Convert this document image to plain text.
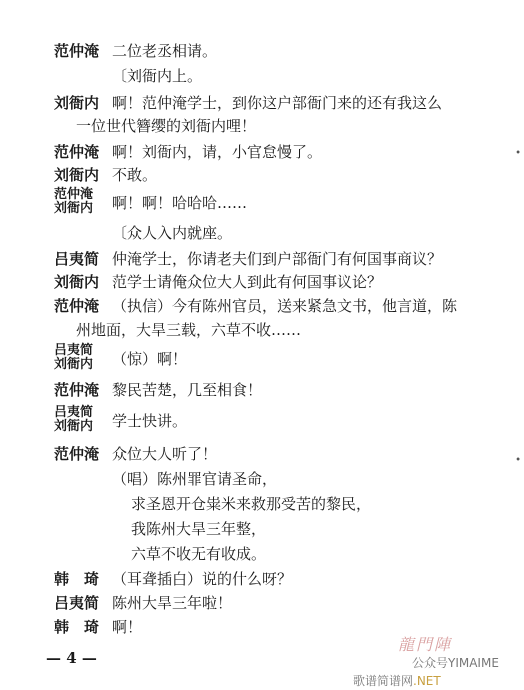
范仲淹 二位老丞相请。
〔刘衙内上。
刘衙内 啊！范仲淹学士，到你这户部衙门来的还有我这么
一位世代簪缨的刘衙内哩！
范仲淹 啊！刘衙内，请，小官怠慢了。
刘衙内 不敢。
范仲淹
刘衙内 啊！啊！哈哈哈……
〔众人入内就座。
吕夷简 仲淹学士，你请老夫们到户部衙门有何国事商议？
刘衙内 范学士请俺众位大人到此有何国事议论？
范仲淹 （执信）今有陈州官员，送来紧急文书，他言道，陈
州地面，大旱三载，六草不收……
吕夷简
刘衙内 （惊）啊！
范仲淹 黎民苦楚，几至相食！
吕夷简
刘衙内 学士快讲。
范仲淹 众位大人听了！
（唱）陈州罪官请圣命，
求圣恩开仓粜米来救那受苦的黎民，
我陈州大旱三年整，
六草不收无有收成。
韩　琦 （耳聋插白）说的什么呀？
吕夷简 陈州大旱三年啦！
韩　琦 啊！
— 4 —
龍門陣
公众号YIMAIME
歌谱简谱网.NET
•
•
